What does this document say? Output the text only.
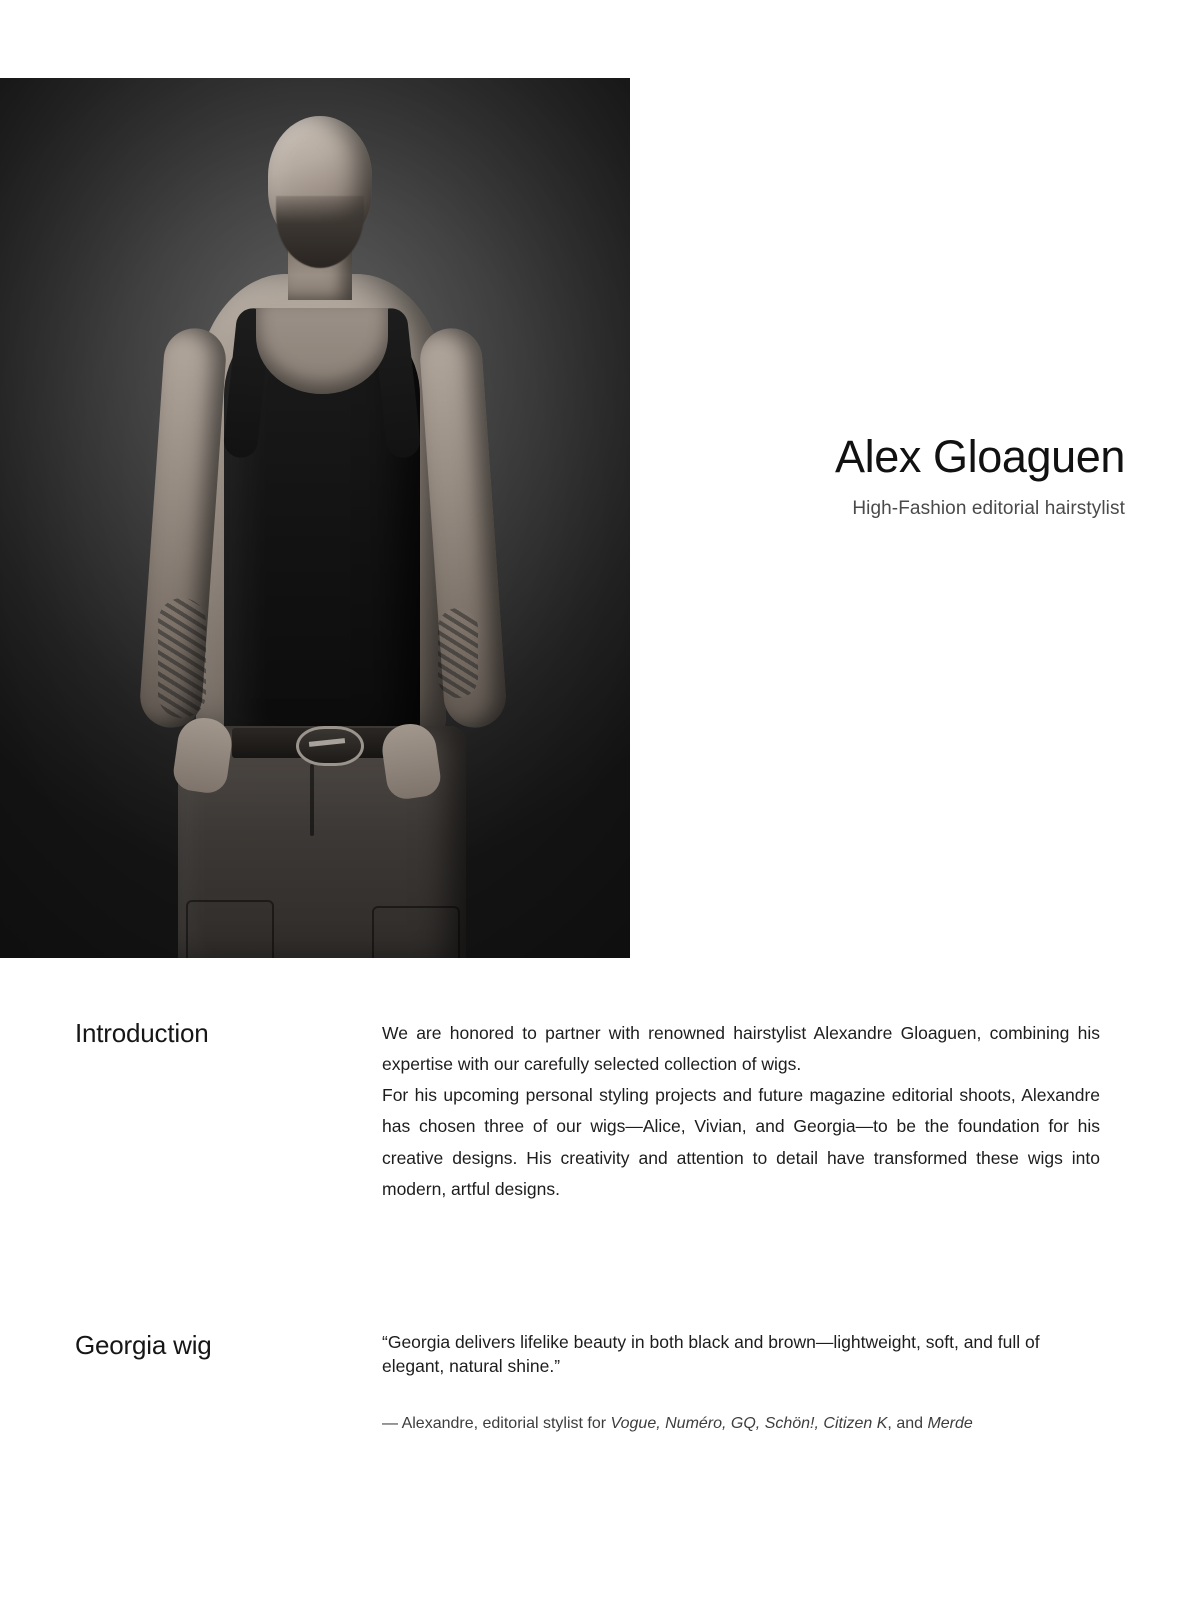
Alex Gloaguen
High-Fashion editorial hairstylist
Introduction	We are honored to partner with renowned hairstylist Alexandre Gloaguen, combining his expertise with our carefully selected collection of wigs.

For his upcoming personal styling projects and future magazine editorial shoots, Alexandre has chosen three of our wigs—Alice, Vivian, and Georgia—to be the foundation for his creative designs. His creativity and attention to detail have transformed these wigs into modern, artful designs.

Georgia wig	“Georgia delivers lifelike beauty in both black and brown—lightweight, soft, and full of elegant, natural shine.”

— Alexandre, editorial stylist for Vogue, Numéro, GQ, Schön!, Citizen K, and Merde
